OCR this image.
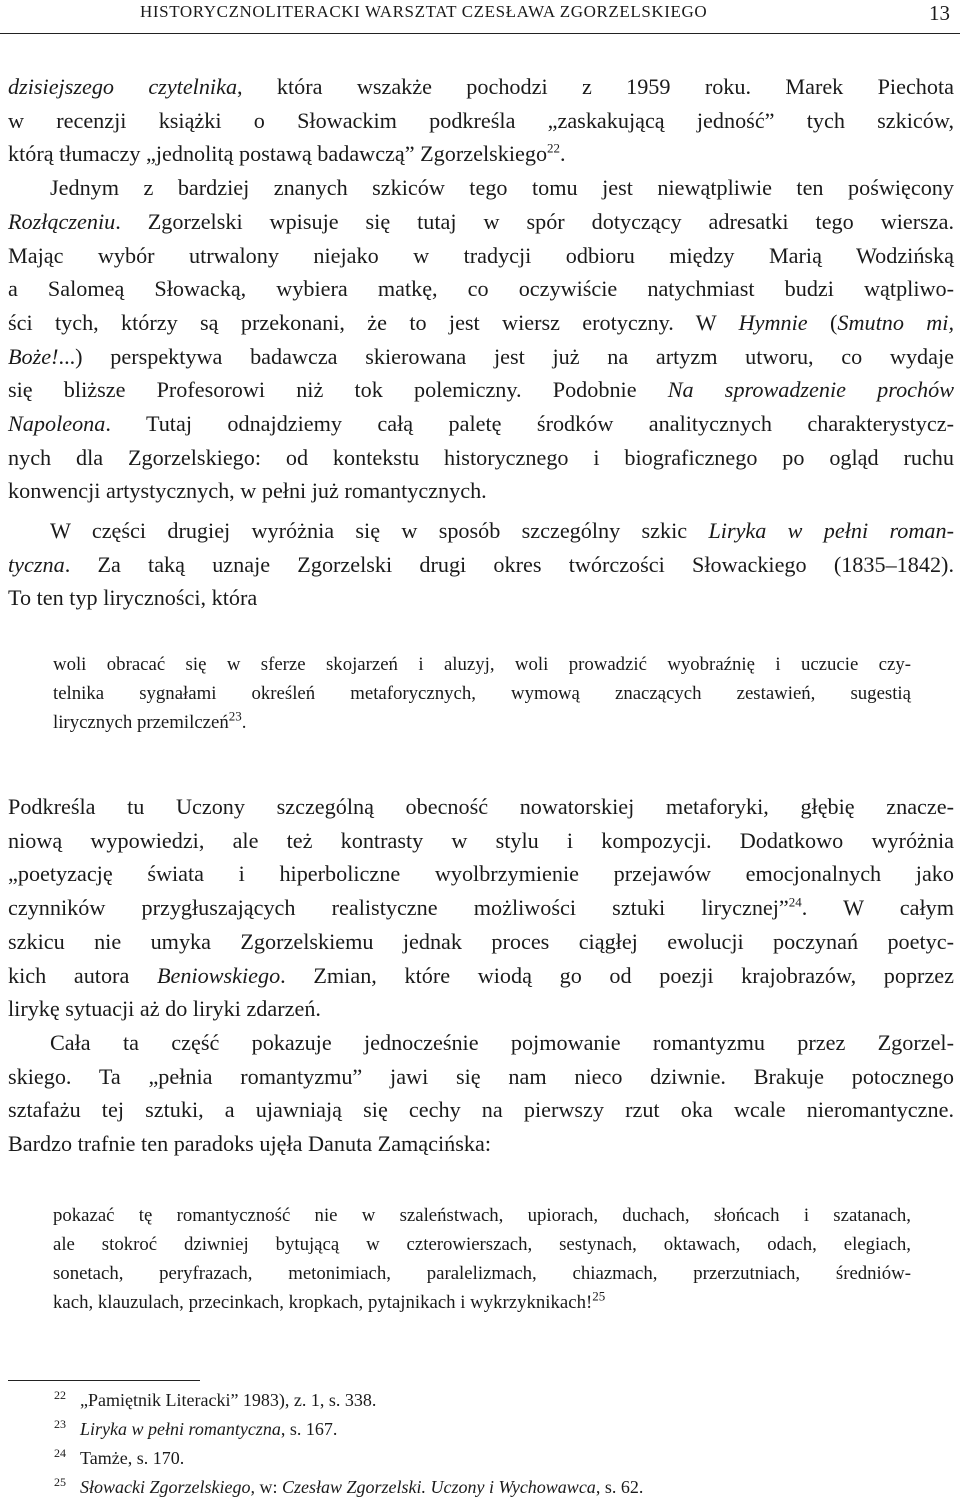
HISTORYCZNOLITERACKI WARSZTAT CZESŁAWA ZGORZELSKIEGO	13
dzisiejszego czytelnika, która wszakże pochodzi z 1959 roku. Marek Piechota
w recenzji książki o Słowackim podkreśla „zaskakującą jedność” tych szkiców,
którą tłumaczy „jednolitą postawą badawczą” Zgorzelskiego$^{22}$.
Jednym z bardziej znanych szkiców tego tomu jest niewątpliwie ten poświęcony
Rozłączeniu. Zgorzelski wpisuje się tutaj w spór dotyczący adresatki tego wiersza.
Mając wybór utrwalony niejako w tradycji odbioru między Marią Wodzińską
a Salomeą Słowacką, wybiera matkę, co oczywiście natychmiast budzi wątpliwo-
ści tych, którzy są przekonani, że to jest wiersz erotyczny. W Hymnie (Smutno mi,
Boże!...) perspektywa badawcza skierowana jest już na artyzm utworu, co wydaje
się bliższe Profesorowi niż tok polemiczny. Podobnie Na sprowadzenie prochów
Napoleona. Tutaj odnajdziemy całą paletę środków analitycznych charakterystycz-
nych dla Zgorzelskiego: od kontekstu historycznego i biograficznego po ogląd ruchu
konwencji artystycznych, w pełni już romantycznych.
W części drugiej wyróżnia się w sposób szczególny szkic Liryka w pełni roman-
tyczna. Za taką uznaje Zgorzelski drugi okres twórczości Słowackiego (1835–1842).
To ten typ liryczności, która
woli obracać się w sferze skojarzeń i aluzyj, woli prowadzić wyobraźnię i uczucie czy-
telnika sygnałami określeń metaforycznych, wymową znaczących zestawień, sugestią
lirycznych przemilczeń$^{23}$.
Podkreśla tu Uczony szczególną obecność nowatorskiej metaforyki, głębię znacze-
niową wypowiedzi, ale też kontrasty w stylu i kompozycji. Dodatkowo wyróżnia
„poetyzację świata i hiperboliczne wyolbrzymienie przejawów emocjonalnych jako
czynników przygłuszających realistyczne możliwości sztuki lirycznej”$^{24}$. W całym
szkicu nie umyka Zgorzelskiemu jednak proces ciągłej ewolucji poczynań poetyc-
kich autora Beniowskiego. Zmian, które wiodą go od poezji krajobrazów, poprzez
lirykę sytuacji aż do liryki zdarzeń.
Cała ta część pokazuje jednocześnie pojmowanie romantyzmu przez Zgorzel-
skiego. Ta „pełnia romantyzmu” jawi się nam nieco dziwnie. Brakuje potocznego
sztafażu tej sztuki, a ujawniają się cechy na pierwszy rzut oka wcale nieromantyczne.
Bardzo trafnie ten paradoks ujęła Danuta Zamącińska:
pokazać tę romantyczność nie w szaleństwach, upiorach, duchach, słońcach i szatanach,
ale stokroć dziwniej bytującą w czterowierszach, sestynach, oktawach, odach, elegiach,
sonetach, peryfrazach, metonimiach, paralelizmach, chiazmach, przerzutniach, średniów-
kach, klauzulach, przecinkach, kropkach, pytajnikach i wykrzyknikach!$^{25}$
22 „Pamiętnik Literacki” 1983), z. 1, s. 338.
23 Liryka w pełni romantyczna, s. 167.
24 Tamże, s. 170.
25 Słowacki Zgorzelskiego, w: Czesław Zgorzelski. Uczony i Wychowawca, s. 62.
